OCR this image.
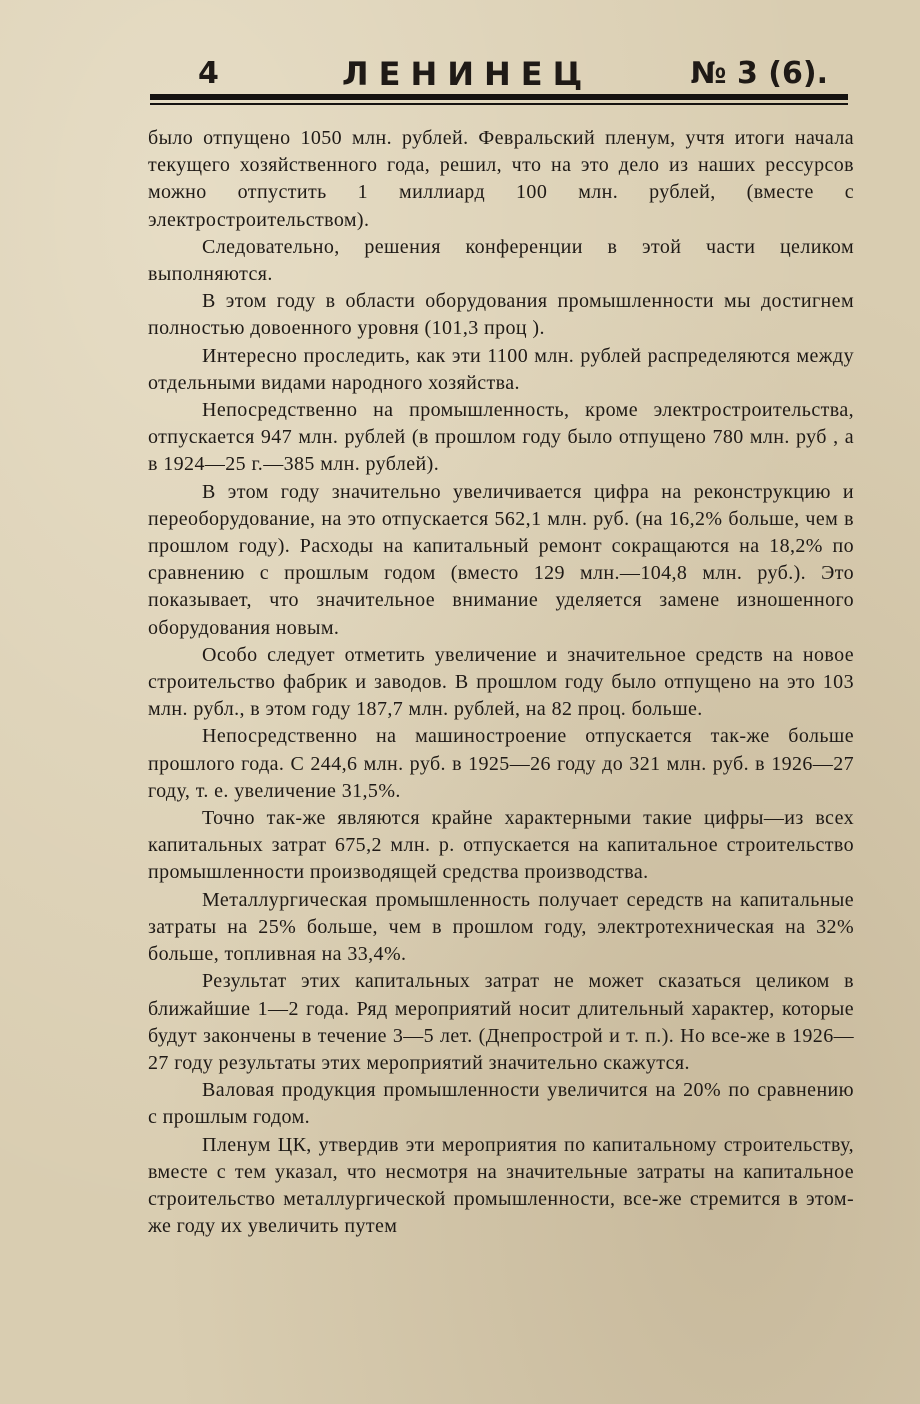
4	ЛЕНИНЕЦ	№ 3 (6).

было отпущено 1050 млн. рублей. Февральский пленум, учтя итоги начала текущего хозяйственного года, решил, что на это дело из наших рессурсов можно отпустить 1 миллиард 100 млн. рублей, (вместе с электростроительством).

Следовательно, решения конференции в этой части целиком выполняются.

В этом году в области оборудования промышленности мы достигнем полностью довоенного уровня (101,3 проц ).

Интересно проследить, как эти 1100 млн. рублей распределяются между отдельными видами народного хозяйства.

Непосредственно на промышленность, кроме электростроительства, отпускается 947 млн. рублей (в прошлом году было отпущено 780 млн. руб , а в 1924—25 г.—385 млн. рублей).

В этом году значительно увеличивается цифра на реконструкцию и переоборудование, на это отпускается 562,1 млн. руб. (на 16,2% больше, чем в прошлом году). Расходы на капитальный ремонт сокращаются на 18,2% по сравнению с прошлым годом (вместо 129 млн.—104,8 млн. руб.). Это показывает, что значительное внимание уделяется замене изношенного оборудования новым.

Особо следует отметить увеличение и значительное средств на новое строительство фабрик и заводов. В прошлом году было отпущено на это 103 млн. рубл., в этом году 187,7 млн. рублей, на 82 проц. больше.

Непосредственно на машиностроение отпускается так-же больше прошлого года. С 244,6 млн. руб. в 1925—26 году до 321 млн. руб. в 1926—27 году, т. е. увеличение 31,5%.

Точно так-же являются крайне характерными такие цифры—из всех капитальных затрат 675,2 млн. р. отпускается на капитальное строительство промышленности производящей средства производства.

Металлургическая промышленность получает середств на капитальные затраты на 25% больше, чем в прошлом году, электротехническая на 32% больше, топливная на 33,4%.

Результат этих капитальных затрат не может сказаться целиком в ближайшие 1—2 года. Ряд мероприятий носит длительный характер, которые будут закончены в течение 3—5 лет. (Днепрострой и т. п.). Но все-же в 1926—27 году результаты этих мероприятий значительно скажутся.

Валовая продукция промышленности увеличится на 20% по сравнению с прошлым годом.

Пленум ЦК, утвердив эти мероприятия по капитальному строительству, вместе с тем указал, что несмотря на значительные затраты на капитальное строительство металлургической промышленности, все-же стремится в этом-же году их увеличить путем
